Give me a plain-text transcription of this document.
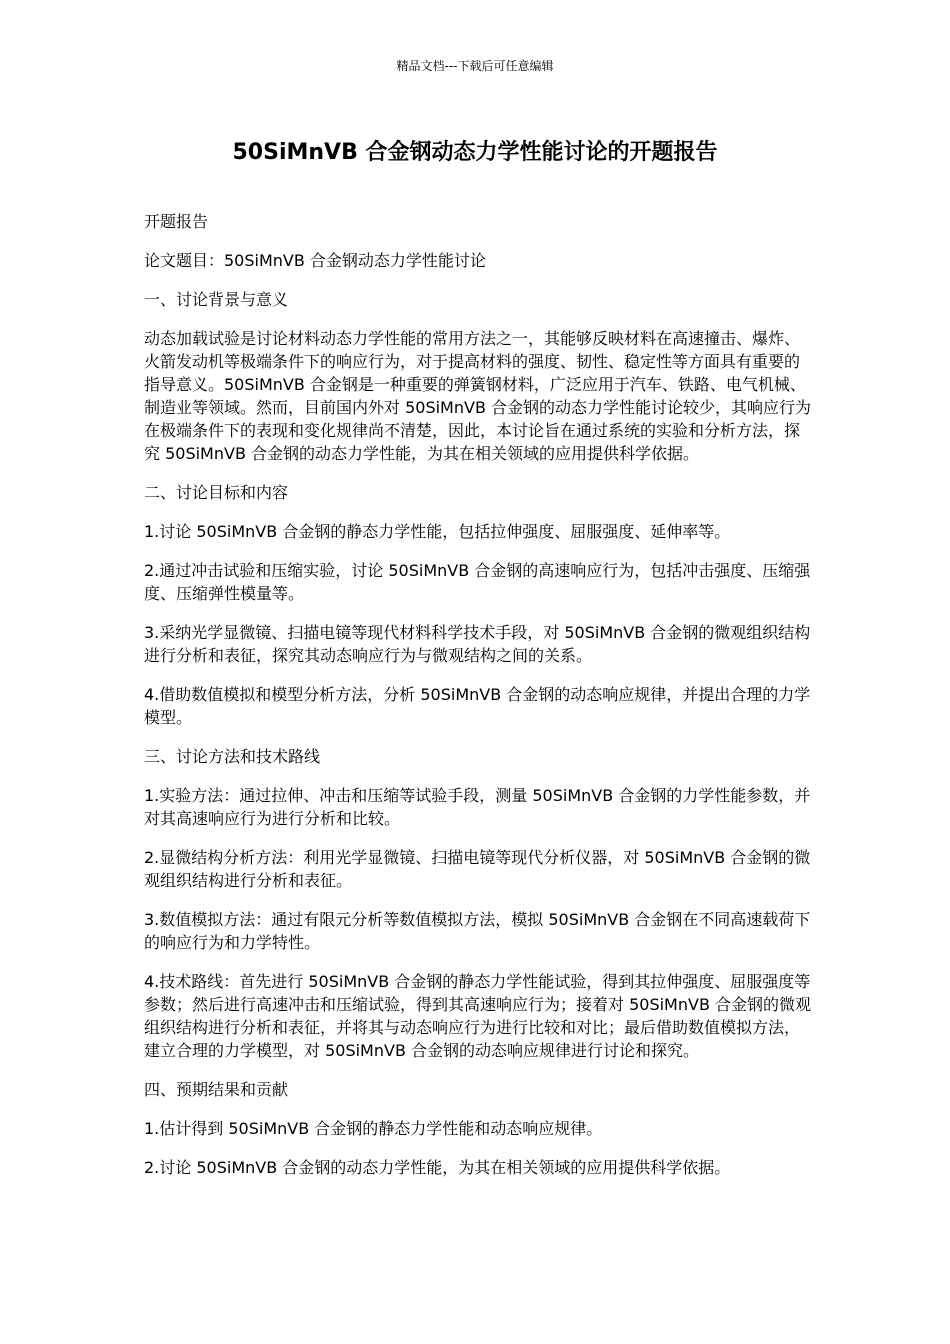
精品文档---下载后可任意编辑
50SiMnVB 合金钢动态力学性能讨论的开题报告

开题报告

论文题目：50SiMnVB 合金钢动态力学性能讨论

一、讨论背景与意义

动态加载试验是讨论材料动态力学性能的常用方法之一，其能够反映材料在高速撞击、爆炸、火箭发动机等极端条件下的响应行为，对于提高材料的强度、韧性、稳定性等方面具有重要的指导意义。50SiMnVB 合金钢是一种重要的弹簧钢材料，广泛应用于汽车、铁路、电气机械、制造业等领域。然而，目前国内外对 50SiMnVB 合金钢的动态力学性能讨论较少，其响应行为在极端条件下的表现和变化规律尚不清楚，因此，本讨论旨在通过系统的实验和分析方法，探究 50SiMnVB 合金钢的动态力学性能，为其在相关领域的应用提供科学依据。

二、讨论目标和内容

1.讨论 50SiMnVB 合金钢的静态力学性能，包括拉伸强度、屈服强度、延伸率等。

2.通过冲击试验和压缩实验，讨论 50SiMnVB 合金钢的高速响应行为，包括冲击强度、压缩强度、压缩弹性模量等。

3.采纳光学显微镜、扫描电镜等现代材料科学技术手段，对 50SiMnVB 合金钢的微观组织结构进行分析和表征，探究其动态响应行为与微观结构之间的关系。

4.借助数值模拟和模型分析方法，分析 50SiMnVB 合金钢的动态响应规律，并提出合理的力学模型。

三、讨论方法和技术路线

1.实验方法：通过拉伸、冲击和压缩等试验手段，测量 50SiMnVB 合金钢的力学性能参数，并对其高速响应行为进行分析和比较。

2.显微结构分析方法：利用光学显微镜、扫描电镜等现代分析仪器，对 50SiMnVB 合金钢的微观组织结构进行分析和表征。

3.数值模拟方法：通过有限元分析等数值模拟方法，模拟 50SiMnVB 合金钢在不同高速载荷下的响应行为和力学特性。

4.技术路线：首先进行 50SiMnVB 合金钢的静态力学性能试验，得到其拉伸强度、屈服强度等参数；然后进行高速冲击和压缩试验，得到其高速响应行为；接着对 50SiMnVB 合金钢的微观组织结构进行分析和表征，并将其与动态响应行为进行比较和对比；最后借助数值模拟方法，建立合理的力学模型，对 50SiMnVB 合金钢的动态响应规律进行讨论和探究。

四、预期结果和贡献

1.估计得到 50SiMnVB 合金钢的静态力学性能和动态响应规律。

2.讨论 50SiMnVB 合金钢的动态力学性能，为其在相关领域的应用提供科学依据。
